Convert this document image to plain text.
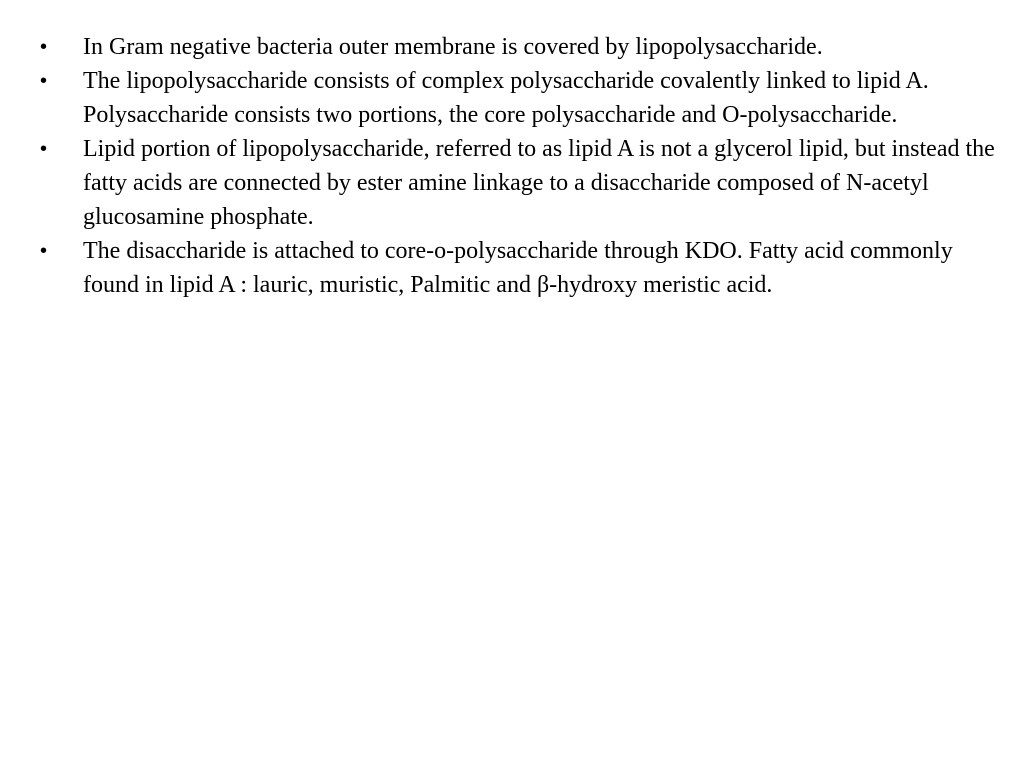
• In Gram negative bacteria outer membrane is covered by lipopolysaccharide.
• The lipopolysaccharide consists of complex polysaccharide covalently linked to lipid A. Polysaccharide consists two portions, the core polysaccharide and O-polysaccharide.
• Lipid portion of lipopolysaccharide, referred to as lipid A is not a glycerol lipid, but instead the fatty acids are connected by ester amine linkage to a disaccharide composed of N-acetyl glucosamine phosphate.
• The disaccharide is attached to core-o-polysaccharide through KDO. Fatty acid commonly found in lipid A : lauric, muristic, Palmitic and β-hydroxy meristic acid.
